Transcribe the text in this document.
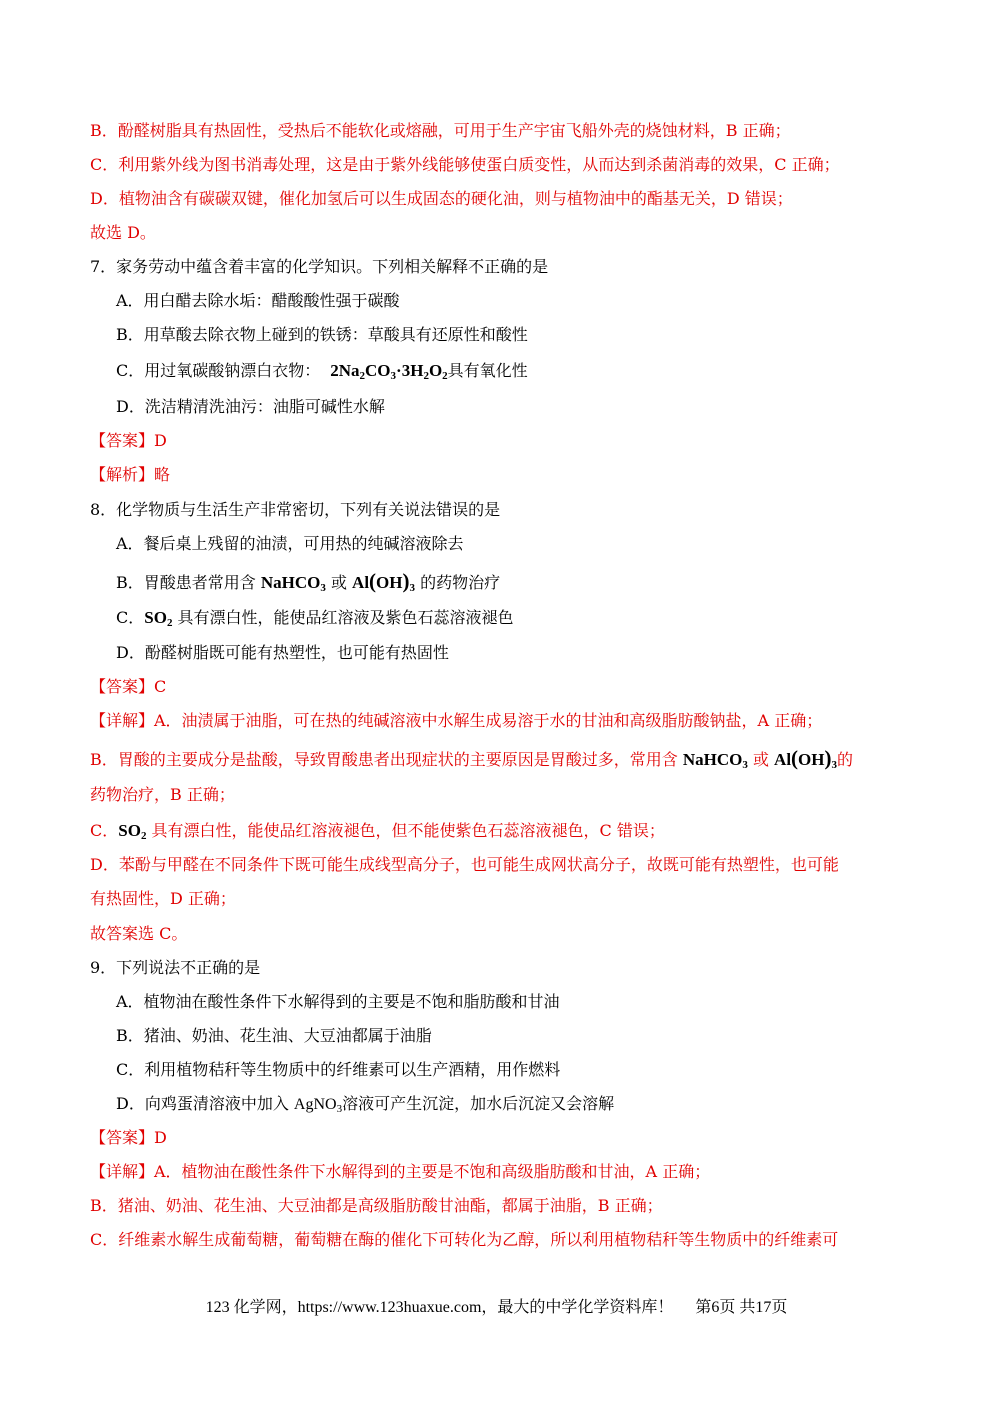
B．酚醛树脂具有热固性，受热后不能软化或熔融，可用于生产宇宙飞船外壳的烧蚀材料，B 正确；
C．利用紫外线为图书消毒处理，这是由于紫外线能够使蛋白质变性，从而达到杀菌消毒的效果，C 正确；
D．植物油含有碳碳双键，催化加氢后可以生成固态的硬化油，则与植物油中的酯基无关，D 错误；
故选 D。
7．家务劳动中蕴含着丰富的化学知识。下列相关解释不正确的是
A．用白醋去除水垢：醋酸酸性强于碳酸
B．用草酸去除衣物上碰到的铁锈：草酸具有还原性和酸性
C．用过氧碳酸钠漂白衣物： $2Na_2CO_3\cdot 3H_2O_2$具有氧化性
D．洗洁精清洗油污：油脂可碱性水解
【答案】D
【解析】略
8．化学物质与生活生产非常密切，下列有关说法错误的是
A．餐后桌上残留的油渍，可用热的纯碱溶液除去
B．胃酸患者常用含 NaHCO$_3$ 或 $Al(OH)_3$ 的药物治疗
C．$SO_2$ 具有漂白性，能使品红溶液及紫色石蕊溶液褪色
D．酚醛树脂既可能有热塑性，也可能有热固性
【答案】C
【详解】A．油渍属于油脂，可在热的纯碱溶液中水解生成易溶于水的甘油和高级脂肪酸钠盐，A 正确；
B．胃酸的主要成分是盐酸，导致胃酸患者出现症状的主要原因是胃酸过多，常用含 NaHCO$_3$ 或 $Al(OH)_3$的
药物治疗，B 正确；
C．$SO_2$ 具有漂白性，能使品红溶液褪色，但不能使紫色石蕊溶液褪色，C 错误；
D．苯酚与甲醛在不同条件下既可能生成线型高分子，也可能生成网状高分子，故既可能有热塑性，也可能
有热固性，D 正确；
故答案选 C。
9．下列说法不正确的是
A．植物油在酸性条件下水解得到的主要是不饱和脂肪酸和甘油
B．猪油、奶油、花生油、大豆油都属于油脂
C．利用植物秸秆等生物质中的纤维素可以生产酒精，用作燃料
D．向鸡蛋清溶液中加入 AgNO$_3$溶液可产生沉淀，加水后沉淀又会溶解
【答案】D
【详解】A．植物油在酸性条件下水解得到的主要是不饱和高级脂肪酸和甘油，A 正确；
B．猪油、奶油、花生油、大豆油都是高级脂肪酸甘油酯，都属于油脂，B 正确；
C．纤维素水解生成葡萄糖，葡萄糖在酶的催化下可转化为乙醇，所以利用植物秸秆等生物质中的纤维素可
123 化学网，https://www.123huaxue.com，最大的中学化学资料库！ 第6页 共17页
